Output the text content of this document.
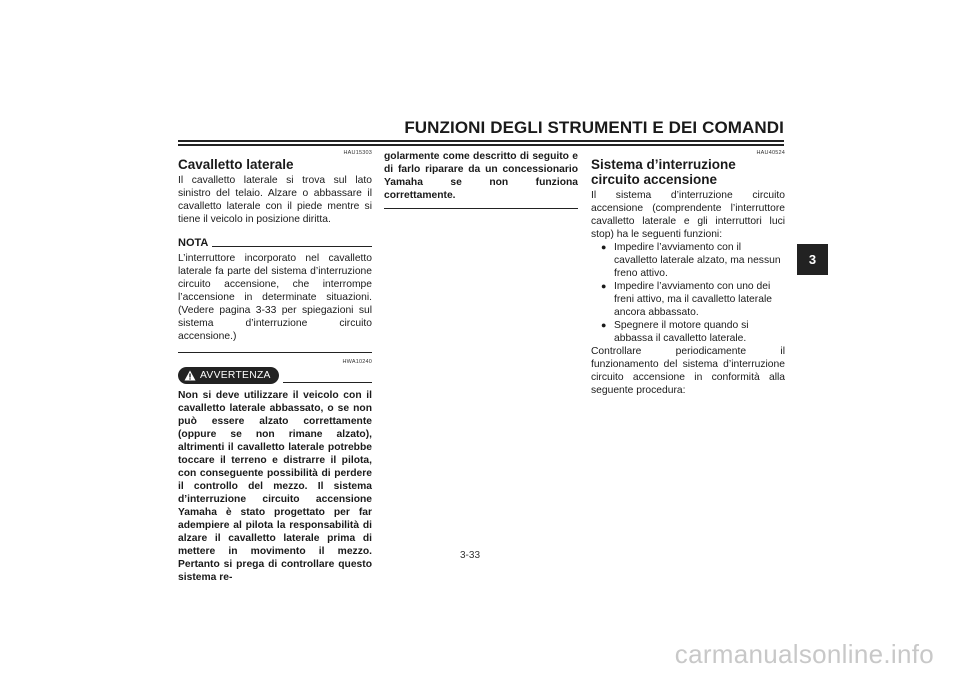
FUNZIONI DEGLI STRUMENTI E DEI COMANDI
3
HAU15303
Cavalletto laterale

Il cavalletto laterale si trova sul lato sinistro del telaio. Alzare o abbassare il cavalletto laterale con il piede mentre si tiene il veicolo in posizione diritta.

NOTA

L’interruttore incorporato nel cavalletto laterale fa parte del sistema d’interruzione circuito accensione, che interrompe l’accensione in determinate situazioni. (Vedere pagina 3-33 per spiegazioni sul sistema d’interruzione circuito accensione.)

HWA10240
AVVERTENZA

Non si deve utilizzare il veicolo con il cavalletto laterale abbassato, o se non può essere alzato correttamente (oppure se non rimane alzato), altrimenti il cavalletto laterale potrebbe toccare il terreno e distrarre il pilota, con conseguente possibilità di perdere il controllo del mezzo. Il sistema d’interruzione circuito accensione Yamaha è stato progettato per far adempiere al pilota la responsabilità di alzare il cavalletto laterale prima di mettere in movimento il mezzo. Pertanto si prega di controllare questo sistema re-

golarmente come descritto di seguito e di farlo riparare da un concessionario Yamaha se non funziona correttamente.

HAU40524
Sistema d’interruzione circuito accensione

Il sistema d’interruzione circuito accensione (comprendente l’interruttore cavalletto laterale e gli interruttori luci stop) ha le seguenti funzioni:

● Impedire l’avviamento con il cavalletto laterale alzato, ma nessun freno attivo.
● Impedire l’avviamento con uno dei freni attivo, ma il cavalletto laterale ancora abbassato.
● Spegnere il motore quando si abbassa il cavalletto laterale.

Controllare periodicamente il funzionamento del sistema d’interruzione circuito accensione in conformità alla seguente procedura:

3-33
carmanualsonline.info
